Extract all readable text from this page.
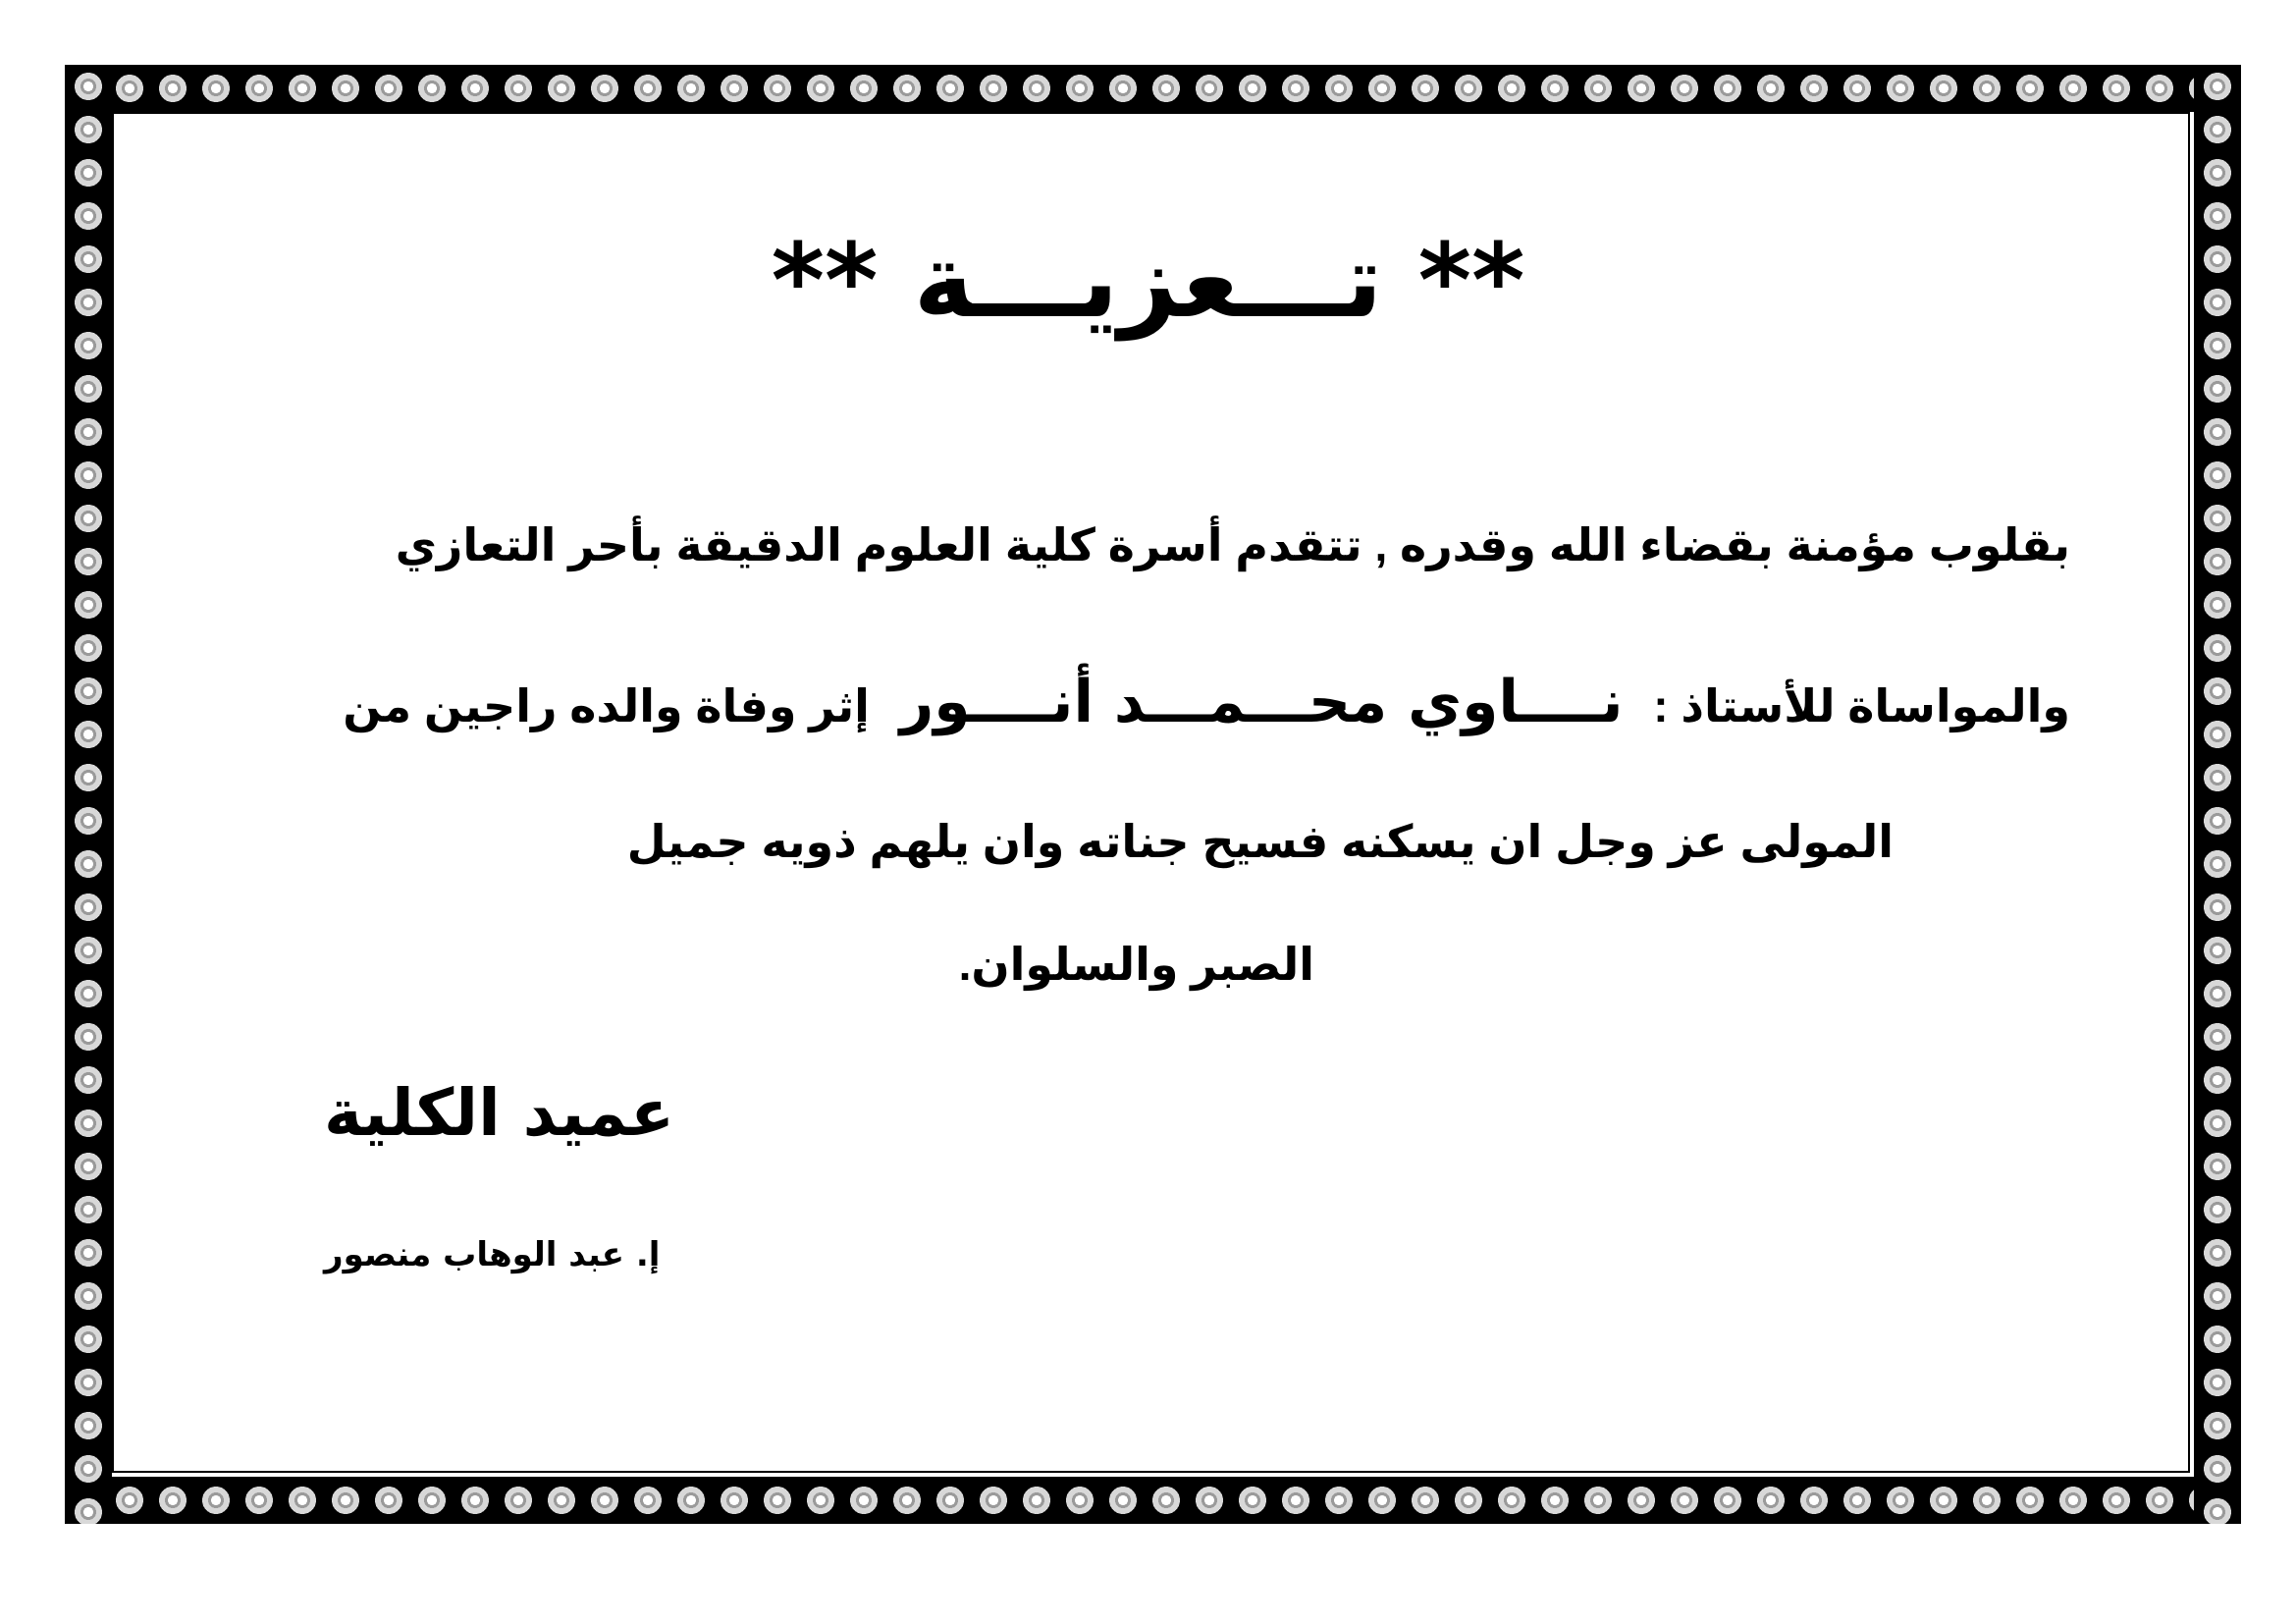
** تـــعزيـــة **
بقلوب مؤمنة بقضاء الله وقدره , تتقدم أسرة كلية العلوم الدقيقة بأحر التعازي
والمواساة للأستاذ : نــــاوي محـــمـــد أنــــور إثر وفاة والده راجين من
المولى عز وجل ان يسكنه فسيح جناته وان يلهم ذويه جميل
الصبر والسلوان.
عميد الكلية
إ. عبد الوهاب منصور
